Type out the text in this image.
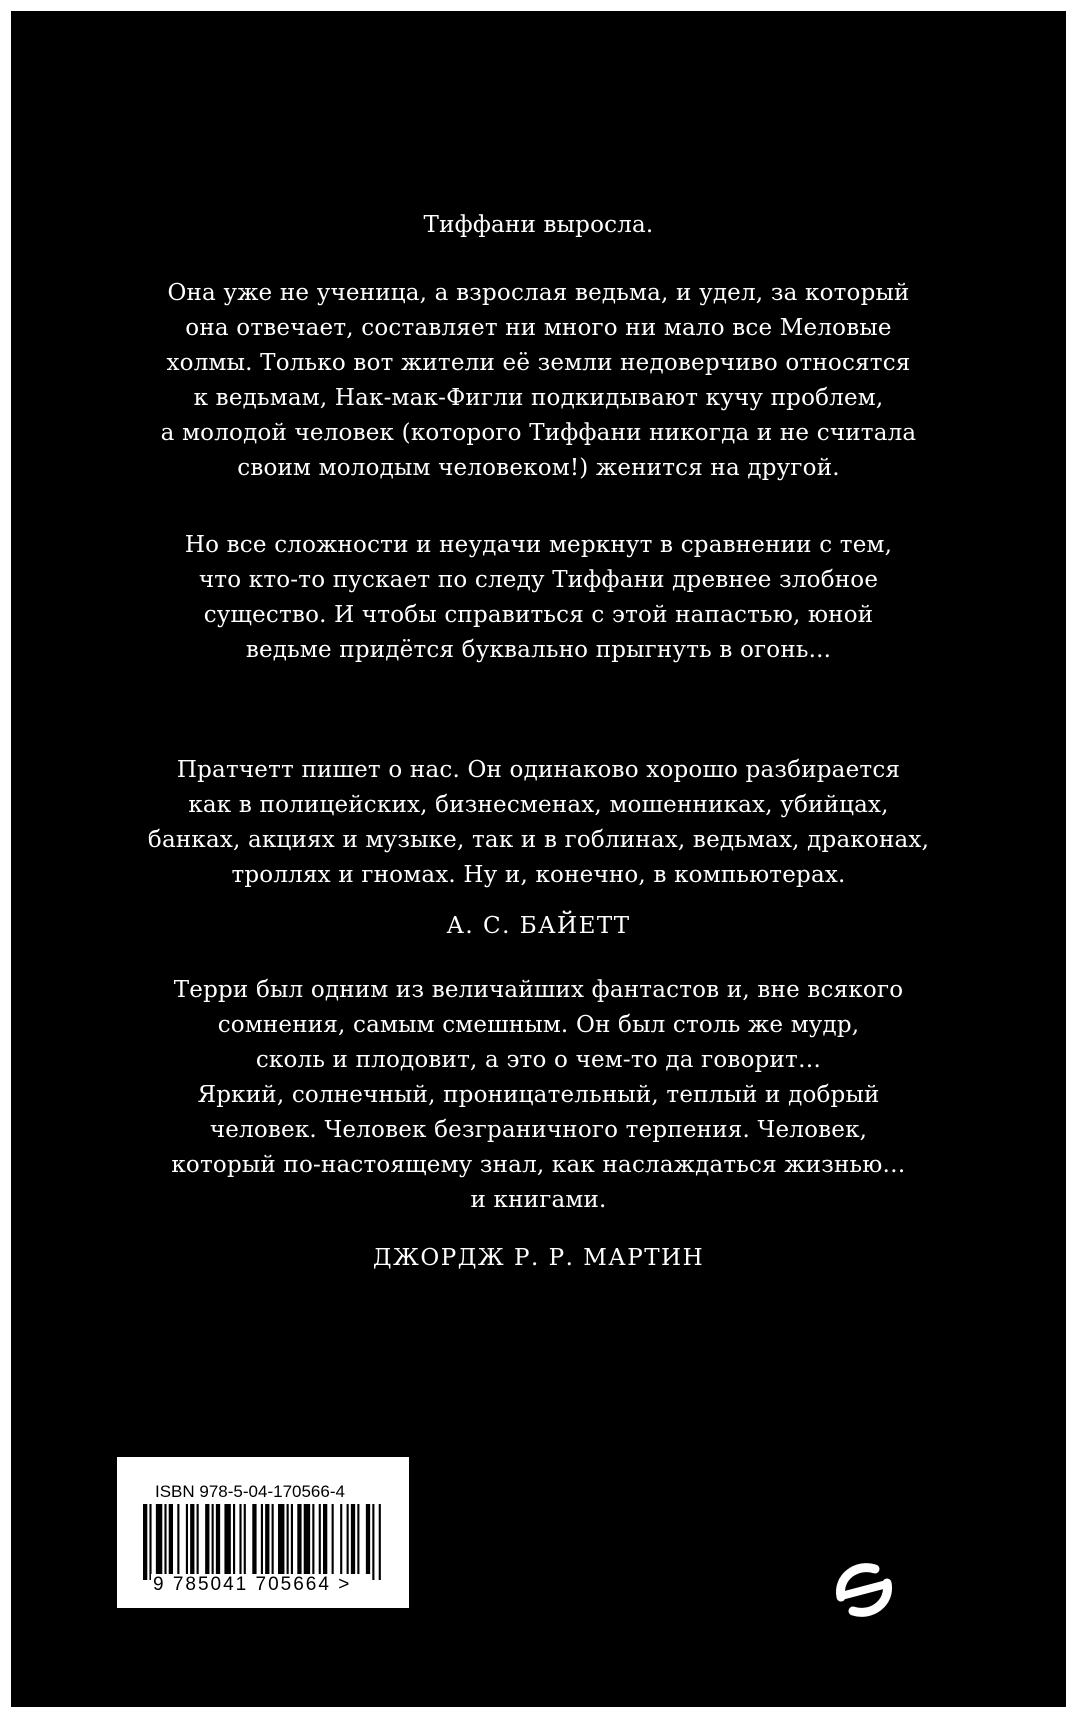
Тиффани выросла.

Она уже не ученица, а взрослая ведьма, и удел, за который
она отвечает, составляет ни много ни мало все Меловые
холмы. Только вот жители её земли недоверчиво относятся
к ведьмам, Нак-мак-Фигли подкидывают кучу проблем,
а молодой человек (которого Тиффани никогда и не считала
своим молодым человеком!) женится на другой.

Но все сложности и неудачи меркнут в сравнении с тем,
что кто-то пускает по следу Тиффани древнее злобное
существо. И чтобы справиться с этой напастью, юной
ведьме придётся буквально прыгнуть в огонь...

Пратчетт пишет о нас. Он одинаково хорошо разбирается
как в полицейских, бизнесменах, мошенниках, убийцах,
банках, акциях и музыке, так и в гоблинах, ведьмах, драконах,
троллях и гномах. Ну и, конечно, в компьютерах.

А. С. БАЙЕТТ

Терри был одним из величайших фантастов и, вне всякого
сомнения, самым смешным. Он был столь же мудр,
сколь и плодовит, а это о чем-то да говорит…
Яркий, солнечный, проницательный, теплый и добрый
человек. Человек безграничного терпения. Человек,
который по-настоящему знал, как наслаждаться жизнью…
и книгами.

ДЖОРДЖ Р. Р. МАРТИН

ISBN 978-5-04-170566-4
9 785041 705664 >
